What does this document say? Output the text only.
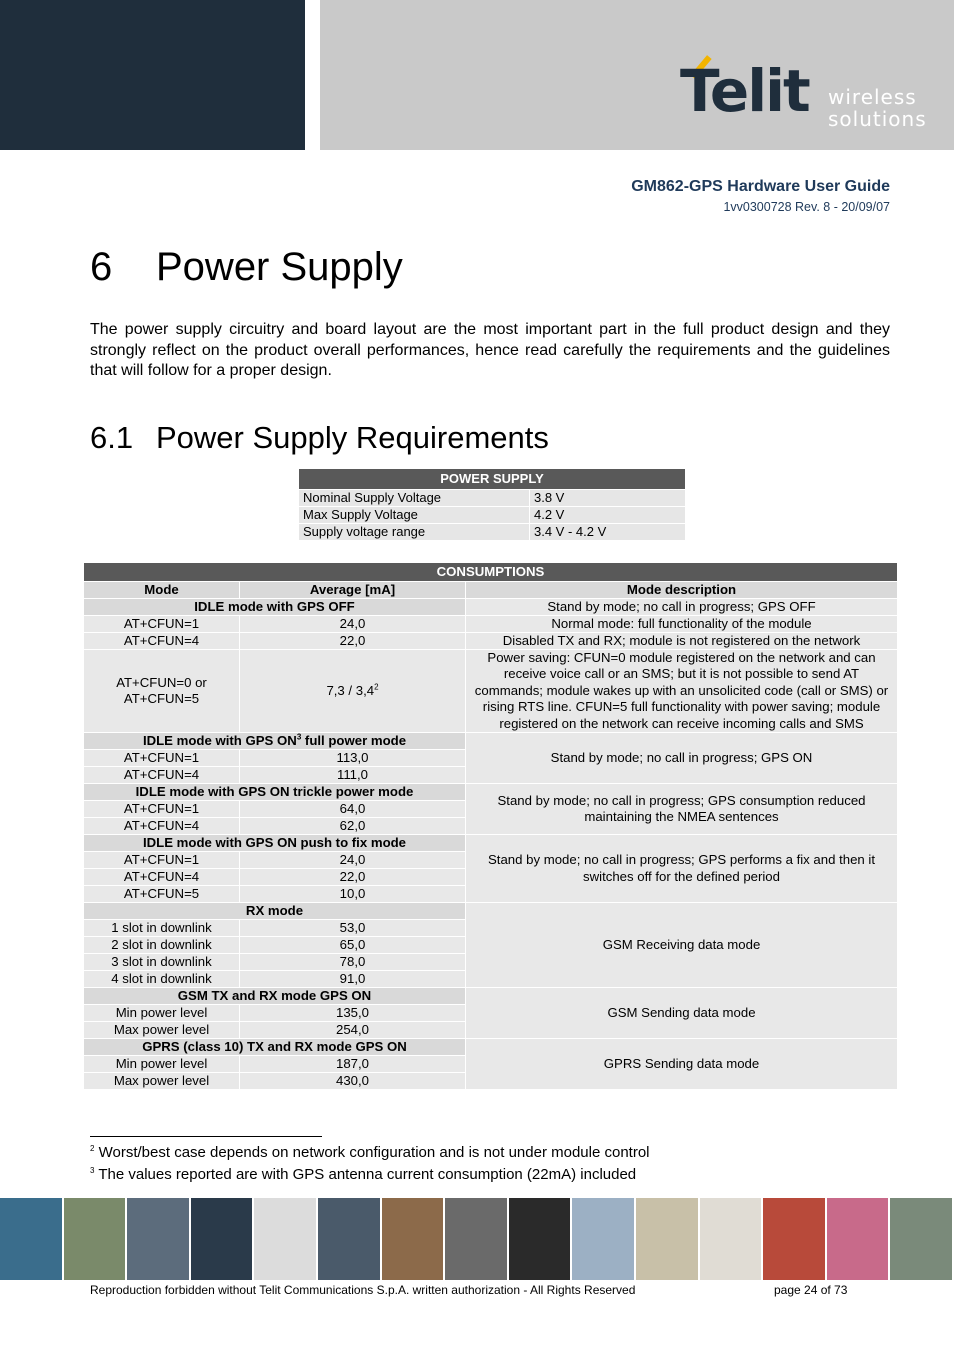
Telit wireless
solutions
GM862-GPS Hardware User Guide
1vv0300728 Rev. 8 - 20/09/07
6 Power Supply
The power supply circuitry and board layout are the most important part in the full product design and they strongly reflect on the product overall performances, hence read carefully the requirements and the guidelines that will follow for a proper design.
6.1 Power Supply Requirements
POWER SUPPLY	
Nominal Supply Voltage	3.8 V
Max Supply Voltage	4.2 V
Supply voltage range	3.4 V - 4.2 V
CONSUMPTIONS		
Mode	Average [mA]	Mode description
IDLE mode with GPS OFF		Stand by mode; no call in progress; GPS OFF
AT+CFUN=1	24,0	Normal mode: full functionality of the module
AT+CFUN=4	22,0	Disabled TX and RX; module is not registered on the network

AT+CFUN=0 or
AT+CFUN=5	$7,3 / 3,4^2$	Power saving: CFUN=0 module registered on the network and can receive voice call or an SMS; but it is not possible to send AT commands; module wakes up with an unsolicited code (call or SMS) or rising RTS line. CFUN=5 full functionality with power saving; module registered on the network can receive incoming calls and SMS
IDLE mode with GPS $ON^3$ full power mode		Stand by mode; no call in progress; GPS ON
AT+CFUN=1	113,0	
AT+CFUN=4	111,0	
IDLE mode with GPS ON trickle power mode		Stand by mode; no call in progress; GPS consumption reduced maintaining the NMEA sentences
AT+CFUN=1	64,0	
AT+CFUN=4	62,0	
IDLE mode with GPS ON push to fix mode		Stand by mode; no call in progress; GPS performs a fix and then it switches off for the defined period
AT+CFUN=1	24,0	
AT+CFUN=4	22,0	
AT+CFUN=5	10,0	
RX mode		GSM Receiving data mode
1 slot in downlink	53,0	
2 slot in downlink	65,0	
3 slot in downlink	78,0	
4 slot in downlink	91,0	
GSM TX and RX mode GPS ON		GSM Sending data mode
Min power level	135,0	
Max power level	254,0	
GPRS (class 10) TX and RX mode GPS ON		GPRS Sending data mode
Min power level	187,0	
Max power level	430,0	
$^2$ Worst/best case depends on network configuration and is not under module control
$^3$ The values reported are with GPS antenna current consumption (22mA) included
Reproduction forbidden without Telit Communications S.p.A. written authorization - All Rights Reserved	page 24 of 73
